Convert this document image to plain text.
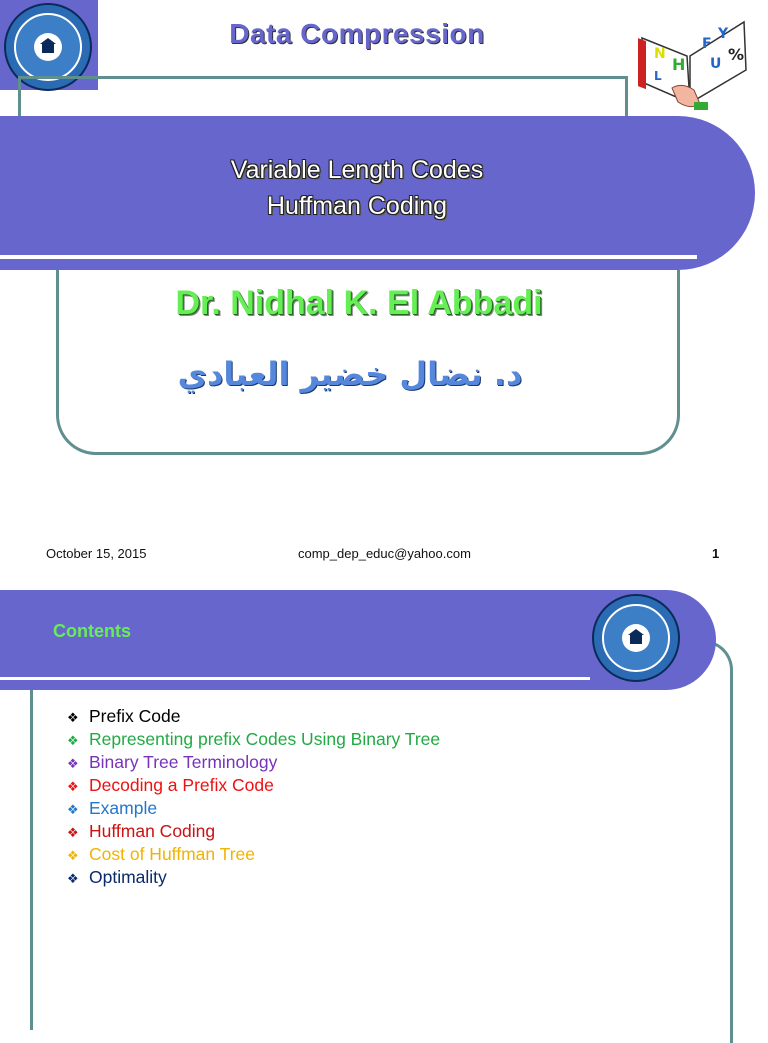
Data Compression
N
H
F
Y
U %
L
Variable Length Codes
Huffman Coding
Dr. Nidhal K. El Abbadi
د. نضال خضير العبادي
October 15, 2015	comp_dep_educ@yahoo.com	1
Contents
❖ Prefix Code
❖ Representing prefix Codes Using Binary Tree
❖ Binary Tree Terminology
❖ Decoding a Prefix Code
❖ Example
❖ Huffman Coding
❖ Cost of Huffman Tree
❖ Optimality
